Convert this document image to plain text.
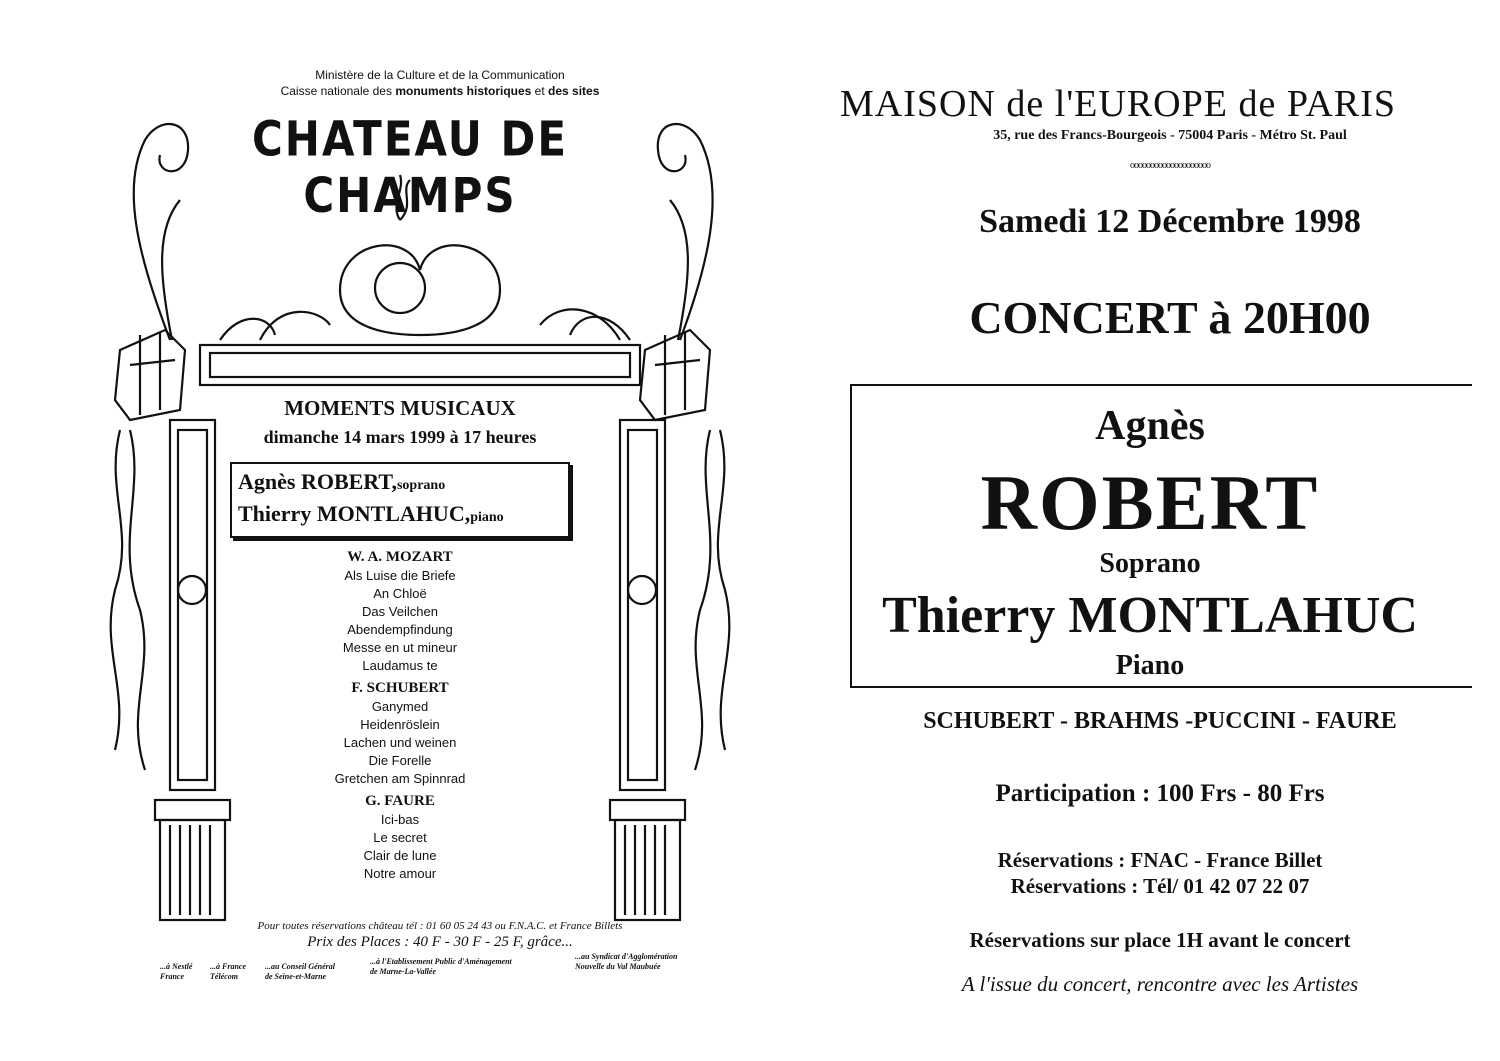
Ministère de la Culture et de la Communication
Caisse nationale des monuments historiques et des sites
CHATEAU DE CHAMPS
MOMENTS MUSICAUX
dimanche 14 mars 1999 à 17 heures
Agnès ROBERT,soprano
Thierry MONTLAHUC,piano
W. A. MOZART
Als Luise die Briefe
An Chloë
Das Veilchen
Abendempfindung
Messe en ut mineur
Laudamus te
F. SCHUBERT
Ganymed
Heidenröslein
Lachen und weinen
Die Forelle
Gretchen am Spinnrad
G. FAURE
Ici-bas
Le secret
Clair de lune
Notre amour
Pour toutes réservations château tél : 01 60 05 24 43 ou F.N.A.C. et France Billets
Prix des Places : 40 F - 30 F - 25 F, grâce...
...à Nestlé
France
...à France
Télécom
...au Conseil Général
de Seine-et-Marne
...à l'Etablissement Public d'Aménagement
de Marne-La-Vallée
...au Syndicat d'Agglomération
Nouvelle du Val Maubuée
MAISON de l'EUROPE de PARIS
35, rue des Francs-Bourgeois - 75004 Paris - Métro St. Paul
oooooooooooooooooooo
Samedi 12 Décembre 1998
CONCERT à 20H00
Agnès
ROBERT
Soprano
Thierry MONTLAHUC
Piano
SCHUBERT - BRAHMS -PUCCINI - FAURE
Participation : 100 Frs - 80 Frs
Réservations : FNAC - France Billet
Réservations : Tél/ 01 42 07 22 07
Réservations sur place 1H avant le concert
A l'issue du concert, rencontre avec les Artistes
